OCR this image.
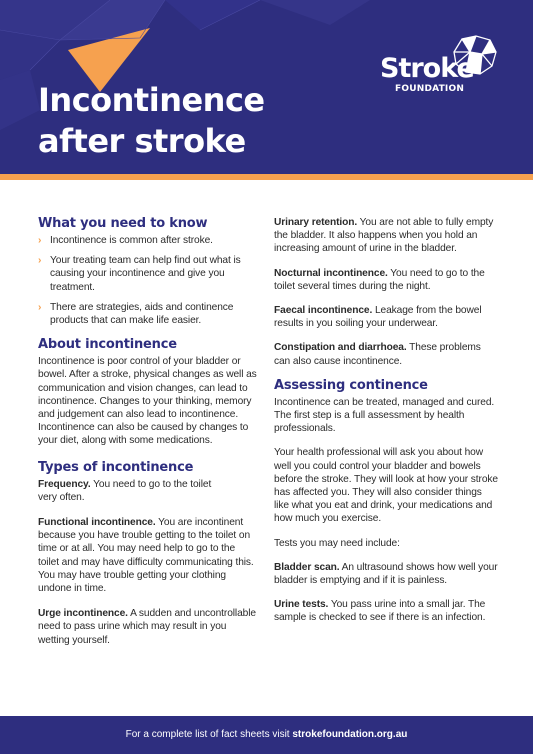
Incontinence
after stroke
Stroke
FOUNDATION
What you need to know
› Incontinence is common after stroke.
› Your treating team can help find out what is causing your incontinence and give you treatment.
› There are strategies, aids and continence products that can make life easier.
About incontinence

Incontinence is poor control of your bladder or bowel. After a stroke, physical changes as well as communication and vision changes, can lead to incontinence. Changes to your thinking, memory and judgement can also lead to incontinence. Incontinence can also be caused by changes to your diet, along with some medications.

Types of incontinence

Frequency. You need to go to the toilet very often.

Functional incontinence. You are incontinent because you have trouble getting to the toilet on time or at all. You may need help to go to the toilet and may have difficulty communicating this. You may have trouble getting your clothing undone in time.

Urge incontinence. A sudden and uncontrollable need to pass urine which may result in you wetting yourself.

Urinary retention. You are not able to fully empty the bladder. It also happens when you hold an increasing amount of urine in the bladder.

Nocturnal incontinence. You need to go to the toilet several times during the night.

Faecal incontinence. Leakage from the bowel results in you soiling your underwear.

Constipation and diarrhoea. These problems can also cause incontinence.

Assessing continence

Incontinence can be treated, managed and cured. The first step is a full assessment by health professionals.

Your health professional will ask you about how well you could control your bladder and bowels before the stroke. They will look at how your stroke has affected you. They will also consider things like what you eat and drink, your medications and how much you exercise.

Tests you may need include:

Bladder scan. An ultrasound shows how well your bladder is emptying and if it is painless.

Urine tests. You pass urine into a small jar. The sample is checked to see if there is an infection.

For a complete list of fact sheets visit strokefoundation.org.au
